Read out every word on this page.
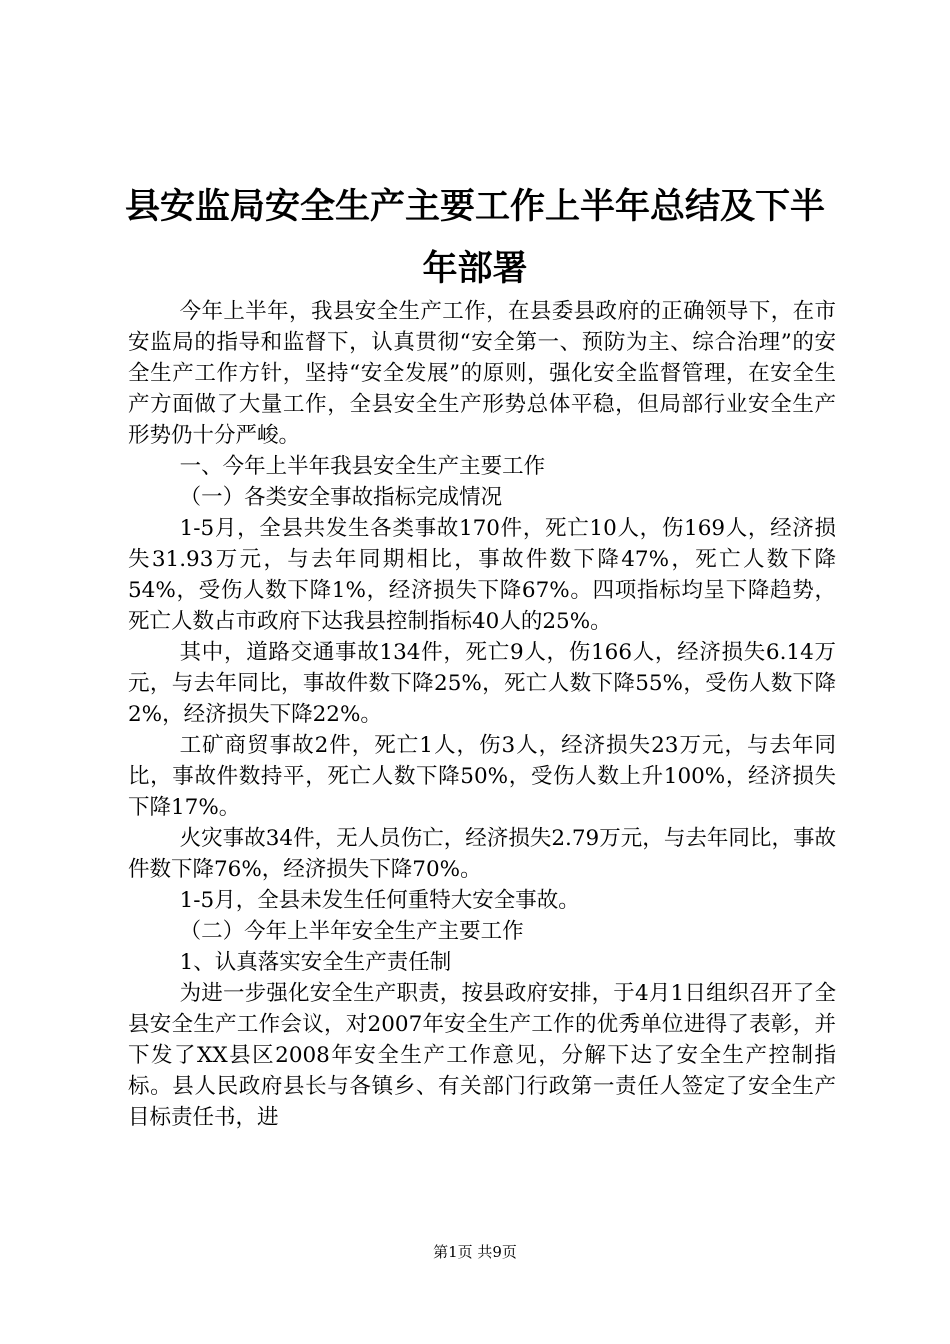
县安监局安全生产主要工作上半年总结及下半年部署

今年上半年，我县安全生产工作，在县委县政府的正确领导下，在市安监局的指导和监督下，认真贯彻“安全第一、预防为主、综合治理”的安全生产工作方针，坚持“安全发展”的原则，强化安全监督管理，在安全生产方面做了大量工作，全县安全生产形势总体平稳，但局部行业安全生产形势仍十分严峻。

一、今年上半年我县安全生产主要工作

（一）各类安全事故指标完成情况

1-5月，全县共发生各类事故170件，死亡10人，伤169人，经济损失31.93万元，与去年同期相比，事故件数下降47%，死亡人数下降54%，受伤人数下降1%，经济损失下降67%。四项指标均呈下降趋势，死亡人数占市政府下达我县控制指标40人的25%。

其中，道路交通事故134件，死亡9人，伤166人，经济损失6.14万元，与去年同比，事故件数下降25%，死亡人数下降55%，受伤人数下降2%，经济损失下降22%。

工矿商贸事故2件，死亡1人，伤3人，经济损失23万元，与去年同比，事故件数持平，死亡人数下降50%，受伤人数上升100%，经济损失下降17%。

火灾事故34件，无人员伤亡，经济损失2.79万元，与去年同比，事故件数下降76%，经济损失下降70%。

1-5月，全县未发生任何重特大安全事故。

（二）今年上半年安全生产主要工作

1、认真落实安全生产责任制

为进一步强化安全生产职责，按县政府安排，于4月1日组织召开了全县安全生产工作会议，对2007年安全生产工作的优秀单位进得了表彰，并下发了XX县区2008年安全生产工作意见，分解下达了安全生产控制指标。县人民政府县长与各镇乡、有关部门行政第一责任人签定了安全生产目标责任书，进

第1页 共9页
